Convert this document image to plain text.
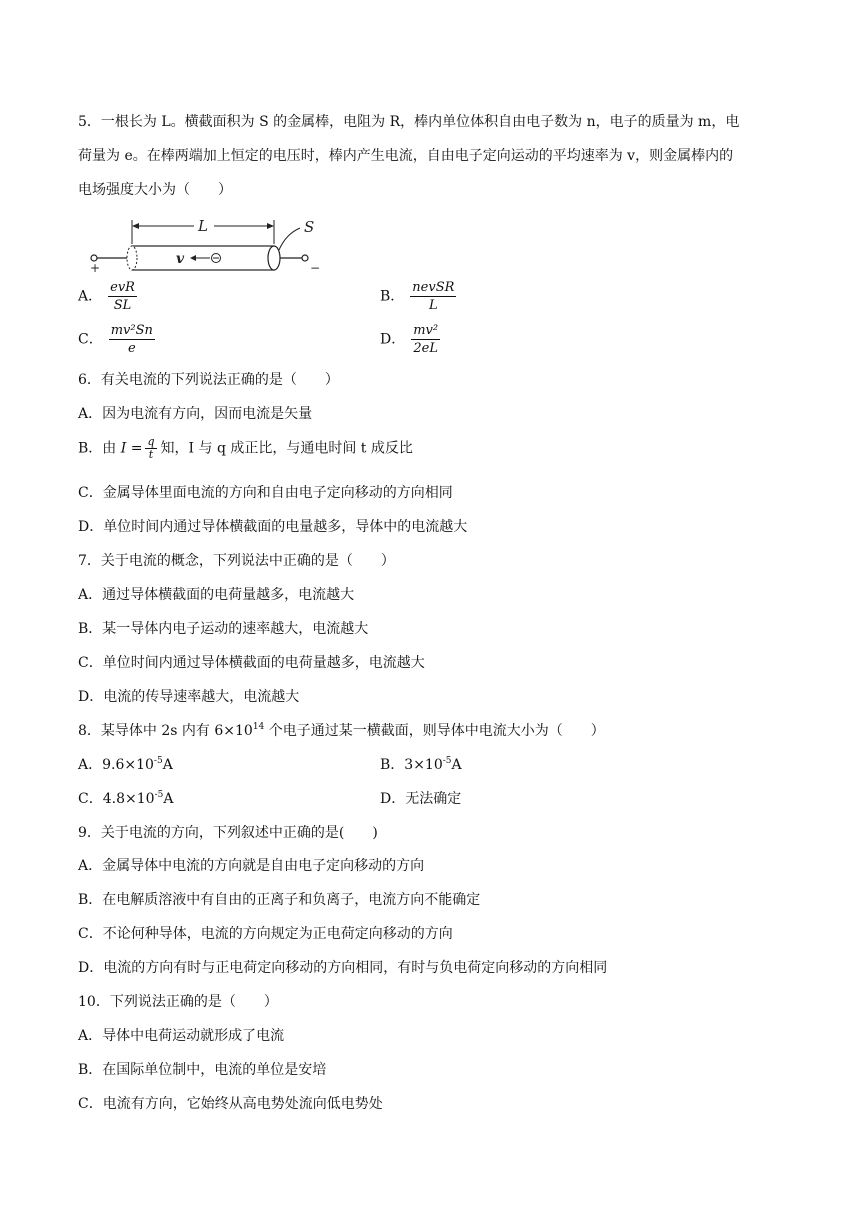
5．一根长为 L。横截面积为 S 的金属棒，电阻为 R，棒内单位体积自由电子数为 n，电子的质量为 m，电
荷量为 e。在棒两端加上恒定的电压时，棒内产生电流，自由电子定向运动的平均速率为 v，则金属棒内的
电场强度大小为（　　）
+	−
L	S
v
A． $\frac{\text{evR}}{SL}$	B． $\frac{\text{nevSR}}{L}$
C． $\frac{\text{mv²Sn}}{e}$	D． $\frac{\text{mv²}}{2eL}$
6．有关电流的下列说法正确的是（　　）
A．因为电流有方向，因而电流是矢量
B．由 $I = \frac{q}{t}$ 知，I 与 q 成正比，与通电时间 t 成反比
C．金属导体里面电流的方向和自由电子定向移动的方向相同
D．单位时间内通过导体横截面的电量越多，导体中的电流越大
7．关于电流的概念，下列说法中正确的是（　　）
A．通过导体横截面的电荷量越多，电流越大
B．某一导体内电子运动的速率越大，电流越大
C．单位时间内通过导体横截面的电荷量越多，电流越大
D．电流的传导速率越大，电流越大
8．某导体中 2s 内有 $6\times 10^{14}$ 个电子通过某一横截面，则导体中电流大小为（　　）
A．$9.6\times 10^{-5}A$	B．$3\times 10^{-5}A$
C．$4.8\times 10^{-5}A$	D．无法确定
9．关于电流的方向，下列叙述中正确的是(　　)
A．金属导体中电流的方向就是自由电子定向移动的方向
B．在电解质溶液中有自由的正离子和负离子，电流方向不能确定
C．不论何种导体，电流的方向规定为正电荷定向移动的方向
D．电流的方向有时与正电荷定向移动的方向相同，有时与负电荷定向移动的方向相同
10．下列说法正确的是（　　）
A．导体中电荷运动就形成了电流
B．在国际单位制中，电流的单位是安培
C．电流有方向，它始终从高电势处流向低电势处
